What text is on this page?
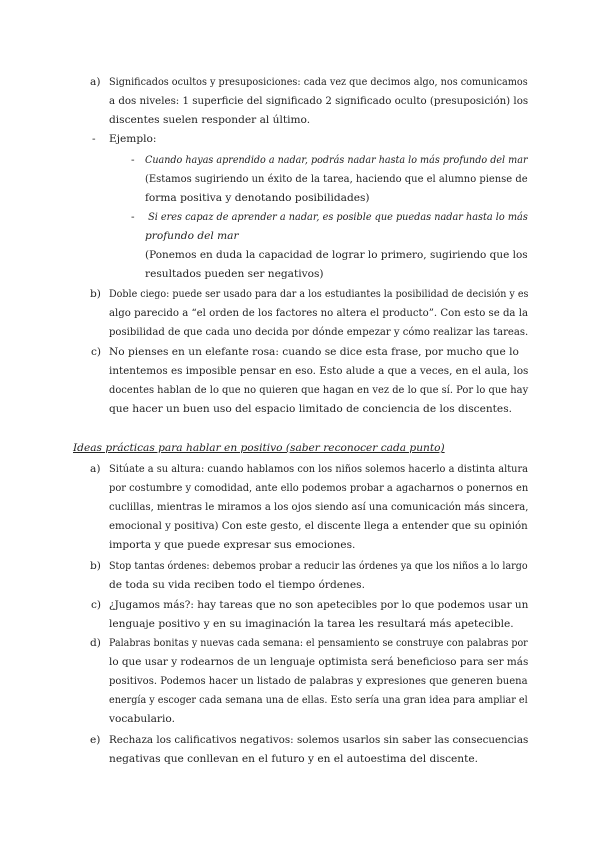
a) Significados ocultos y presuposiciones: cada vez que decimos algo, nos comunicamos
a dos niveles: 1 superficie del significado 2 significado oculto (presuposición) los
discentes suelen responder al último.
- Ejemplo:
- Cuando hayas aprendido a nadar, podrás nadar hasta lo más profundo del mar
(Estamos sugiriendo un éxito de la tarea, haciendo que el alumno piense de
forma positiva y denotando posibilidades)
- Si eres capaz de aprender a nadar, es posible que puedas nadar hasta lo más
profundo del mar
(Ponemos en duda la capacidad de lograr lo primero, sugiriendo que los
resultados pueden ser negativos)
b) Doble ciego: puede ser usado para dar a los estudiantes la posibilidad de decisión y es
algo parecido a “el orden de los factores no altera el producto”. Con esto se da la
posibilidad de que cada uno decida por dónde empezar y cómo realizar las tareas.
c) No pienses en un elefante rosa: cuando se dice esta frase, por mucho que lo
intentemos es imposible pensar en eso. Esto alude a que a veces, en el aula, los
docentes hablan de lo que no quieren que hagan en vez de lo que sí. Por lo que hay
que hacer un buen uso del espacio limitado de conciencia de los discentes.
Ideas prácticas para hablar en positivo (saber reconocer cada punto)
a) Sitúate a su altura: cuando hablamos con los niños solemos hacerlo a distinta altura
por costumbre y comodidad, ante ello podemos probar a agacharnos o ponernos en
cuclillas, mientras le miramos a los ojos siendo así una comunicación más sincera,
emocional y positiva) Con este gesto, el discente llega a entender que su opinión
importa y que puede expresar sus emociones.
b) Stop tantas órdenes: debemos probar a reducir las órdenes ya que los niños a lo largo
de toda su vida reciben todo el tiempo órdenes.
c) ¿Jugamos más?: hay tareas que no son apetecibles por lo que podemos usar un
lenguaje positivo y en su imaginación la tarea les resultará más apetecible.
d) Palabras bonitas y nuevas cada semana: el pensamiento se construye con palabras por
lo que usar y rodearnos de un lenguaje optimista será beneficioso para ser más
positivos. Podemos hacer un listado de palabras y expresiones que generen buena
energía y escoger cada semana una de ellas. Esto sería una gran idea para ampliar el
vocabulario.
e) Rechaza los calificativos negativos: solemos usarlos sin saber las consecuencias
negativas que conllevan en el futuro y en el autoestima del discente.
